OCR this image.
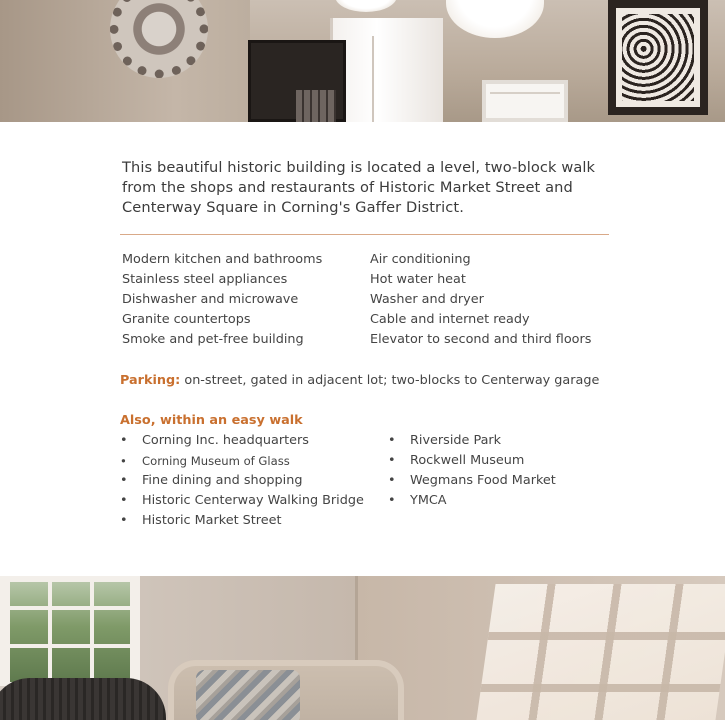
This beautiful historic building is located a level, two-block walk from the shops and restaurants of Historic Market Street and Centerway Square in Corning's Gaffer District.

Modern kitchen and bathrooms
Stainless steel appliances
Dishwasher and microwave
Granite countertops
Smoke and pet-free building
Air conditioning
Hot water heat
Washer and dryer
Cable and internet ready
Elevator to second and third floors

Parking: on-street, gated in adjacent lot; two-blocks to Centerway garage

Also, within an easy walk

• Corning Inc. headquarters
• Corning Museum of Glass
• Fine dining and shopping
• Historic Centerway Walking Bridge
• Historic Market Street
• Riverside Park
• Rockwell Museum
• Wegmans Food Market
• YMCA
